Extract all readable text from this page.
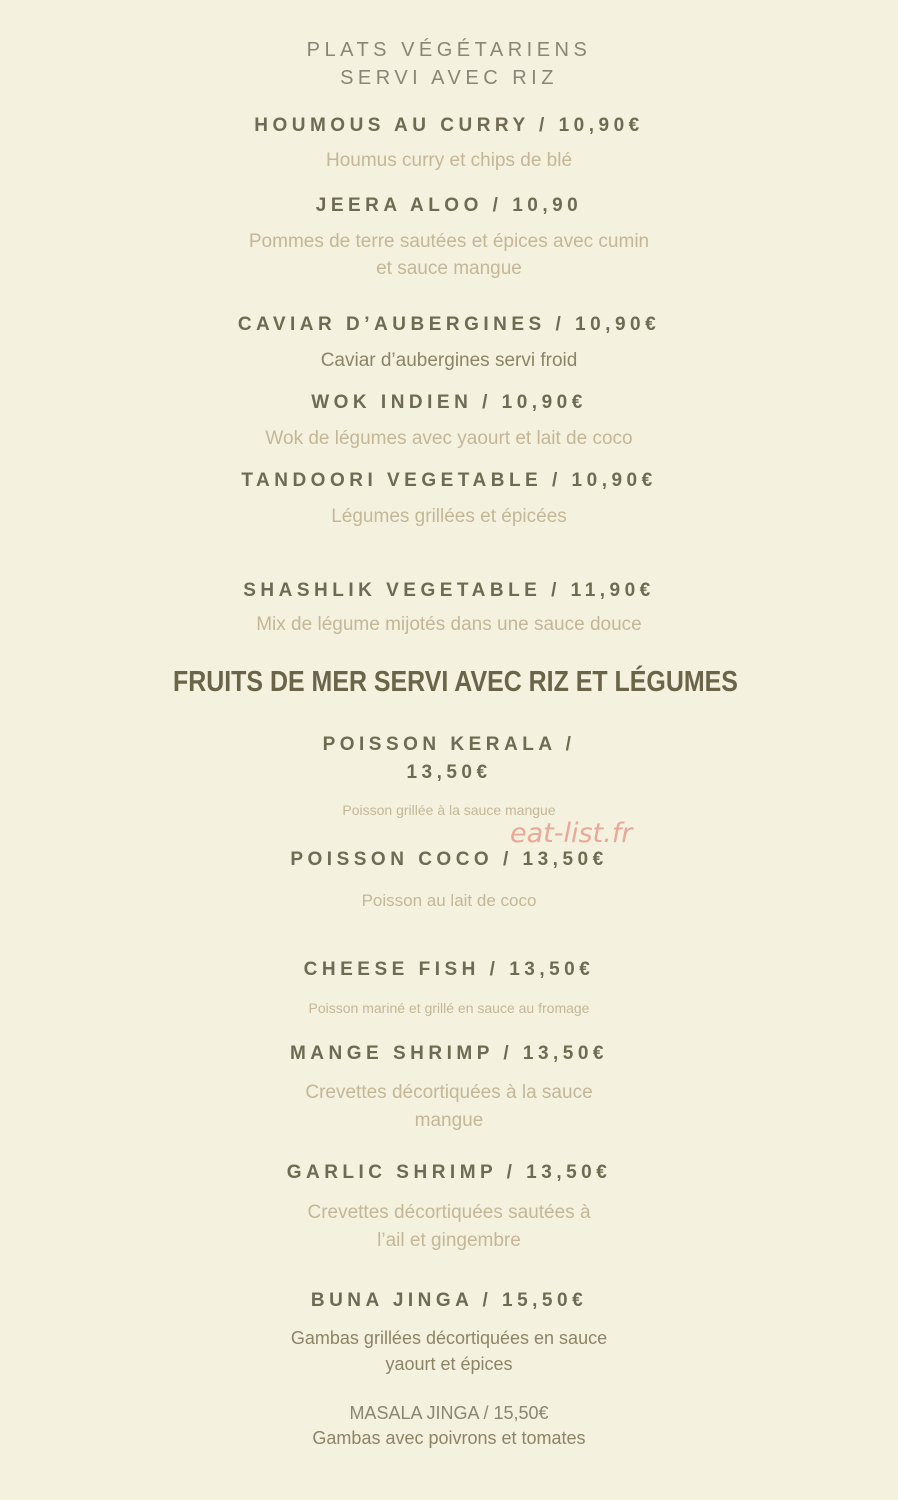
PLATS VÉGÉTARIENS

SERVI AVEC RIZ

HOUMOUS AU CURRY / 10,90€

Houmus curry et chips de blé

JEERA ALOO / 10,90

Pommes de terre sautées et épices avec cumin

et sauce mangue

CAVIAR D’AUBERGINES / 10,90€

Caviar d’aubergines servi froid

WOK INDIEN / 10,90€

Wok de légumes avec yaourt et lait de coco

TANDOORI VEGETABLE / 10,90€

Légumes grillées et épicées

SHASHLIK VEGETABLE / 11,90€

Mix de légume mijotés dans une sauce douce

FRUITS DE MER SERVI AVEC RIZ ET LÉGUMES

POISSON KERALA /

13,50€

Poisson grillée à la sauce mangue

POISSON COCO / 13,50€

Poisson au lait de coco

CHEESE FISH / 13,50€

Poisson mariné et grillé en sauce au fromage

MANGE SHRIMP / 13,50€

Crevettes décortiquées à la sauce

mangue

GARLIC SHRIMP / 13,50€

Crevettes décortiquées sautées à

l’ail et gingembre

BUNA JINGA / 15,50€

Gambas grillées décortiquées en sauce

yaourt et épices

MASALA JINGA / 15,50€

Gambas avec poivrons et tomates

eat-list.fr
